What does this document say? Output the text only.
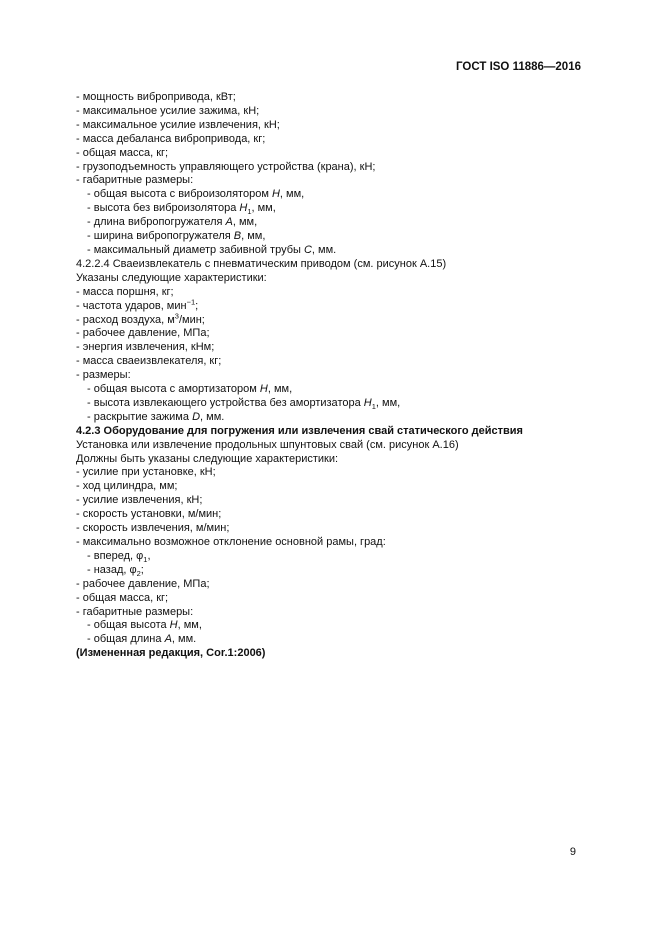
ГОСТ ISO 11886—2016
- мощность вибропривода, кВт;
- максимальное усилие зажима, кН;
- максимальное усилие извлечения, кН;
- масса дебаланса вибропривода, кг;
- общая масса, кг;
- грузоподъемность управляющего устройства (крана), кН;
- габаритные размеры:
- общая высота с виброизолятором H, мм,
- высота без виброизолятора $H_1$, мм,
- длина вибропогружателя A, мм,
- ширина вибропогружателя B, мм,
- максимальный диаметр забивной трубы C, мм.
4.2.2.4 Сваеизвлекатель с пневматическим приводом (см. рисунок А.15)
Указаны следующие характеристики:
- масса поршня, кг;
- частота ударов, мин$^{-1}$;
- расход воздуха, $м^3$/мин;
- рабочее давление, МПа;
- энергия извлечения, кНм;
- масса сваеизвлекателя, кг;
- размеры:
- общая высота с амортизатором H, мм,
- высота извлекающего устройства без амортизатора $H_1$, мм,
- раскрытие зажима D, мм.
4.2.3 Оборудование для погружения или извлечения свай статического действия
Установка или извлечение продольных шпунтовых свай (см. рисунок А.16)
Должны быть указаны следующие характеристики:
- усилие при установке, кН;
- ход цилиндра, мм;
- усилие извлечения, кН;
- скорость установки, м/мин;
- скорость извлечения, м/мин;
- максимально возможное отклонение основной рамы, град:
- вперед, $\varphi_1$,
- назад, $\varphi_2$;
- рабочее давление, МПа;
- общая масса, кг;
- габаритные размеры:
- общая высота H, мм,
- общая длина A, мм.
(Измененная редакция, Cor.1:2006)
9
